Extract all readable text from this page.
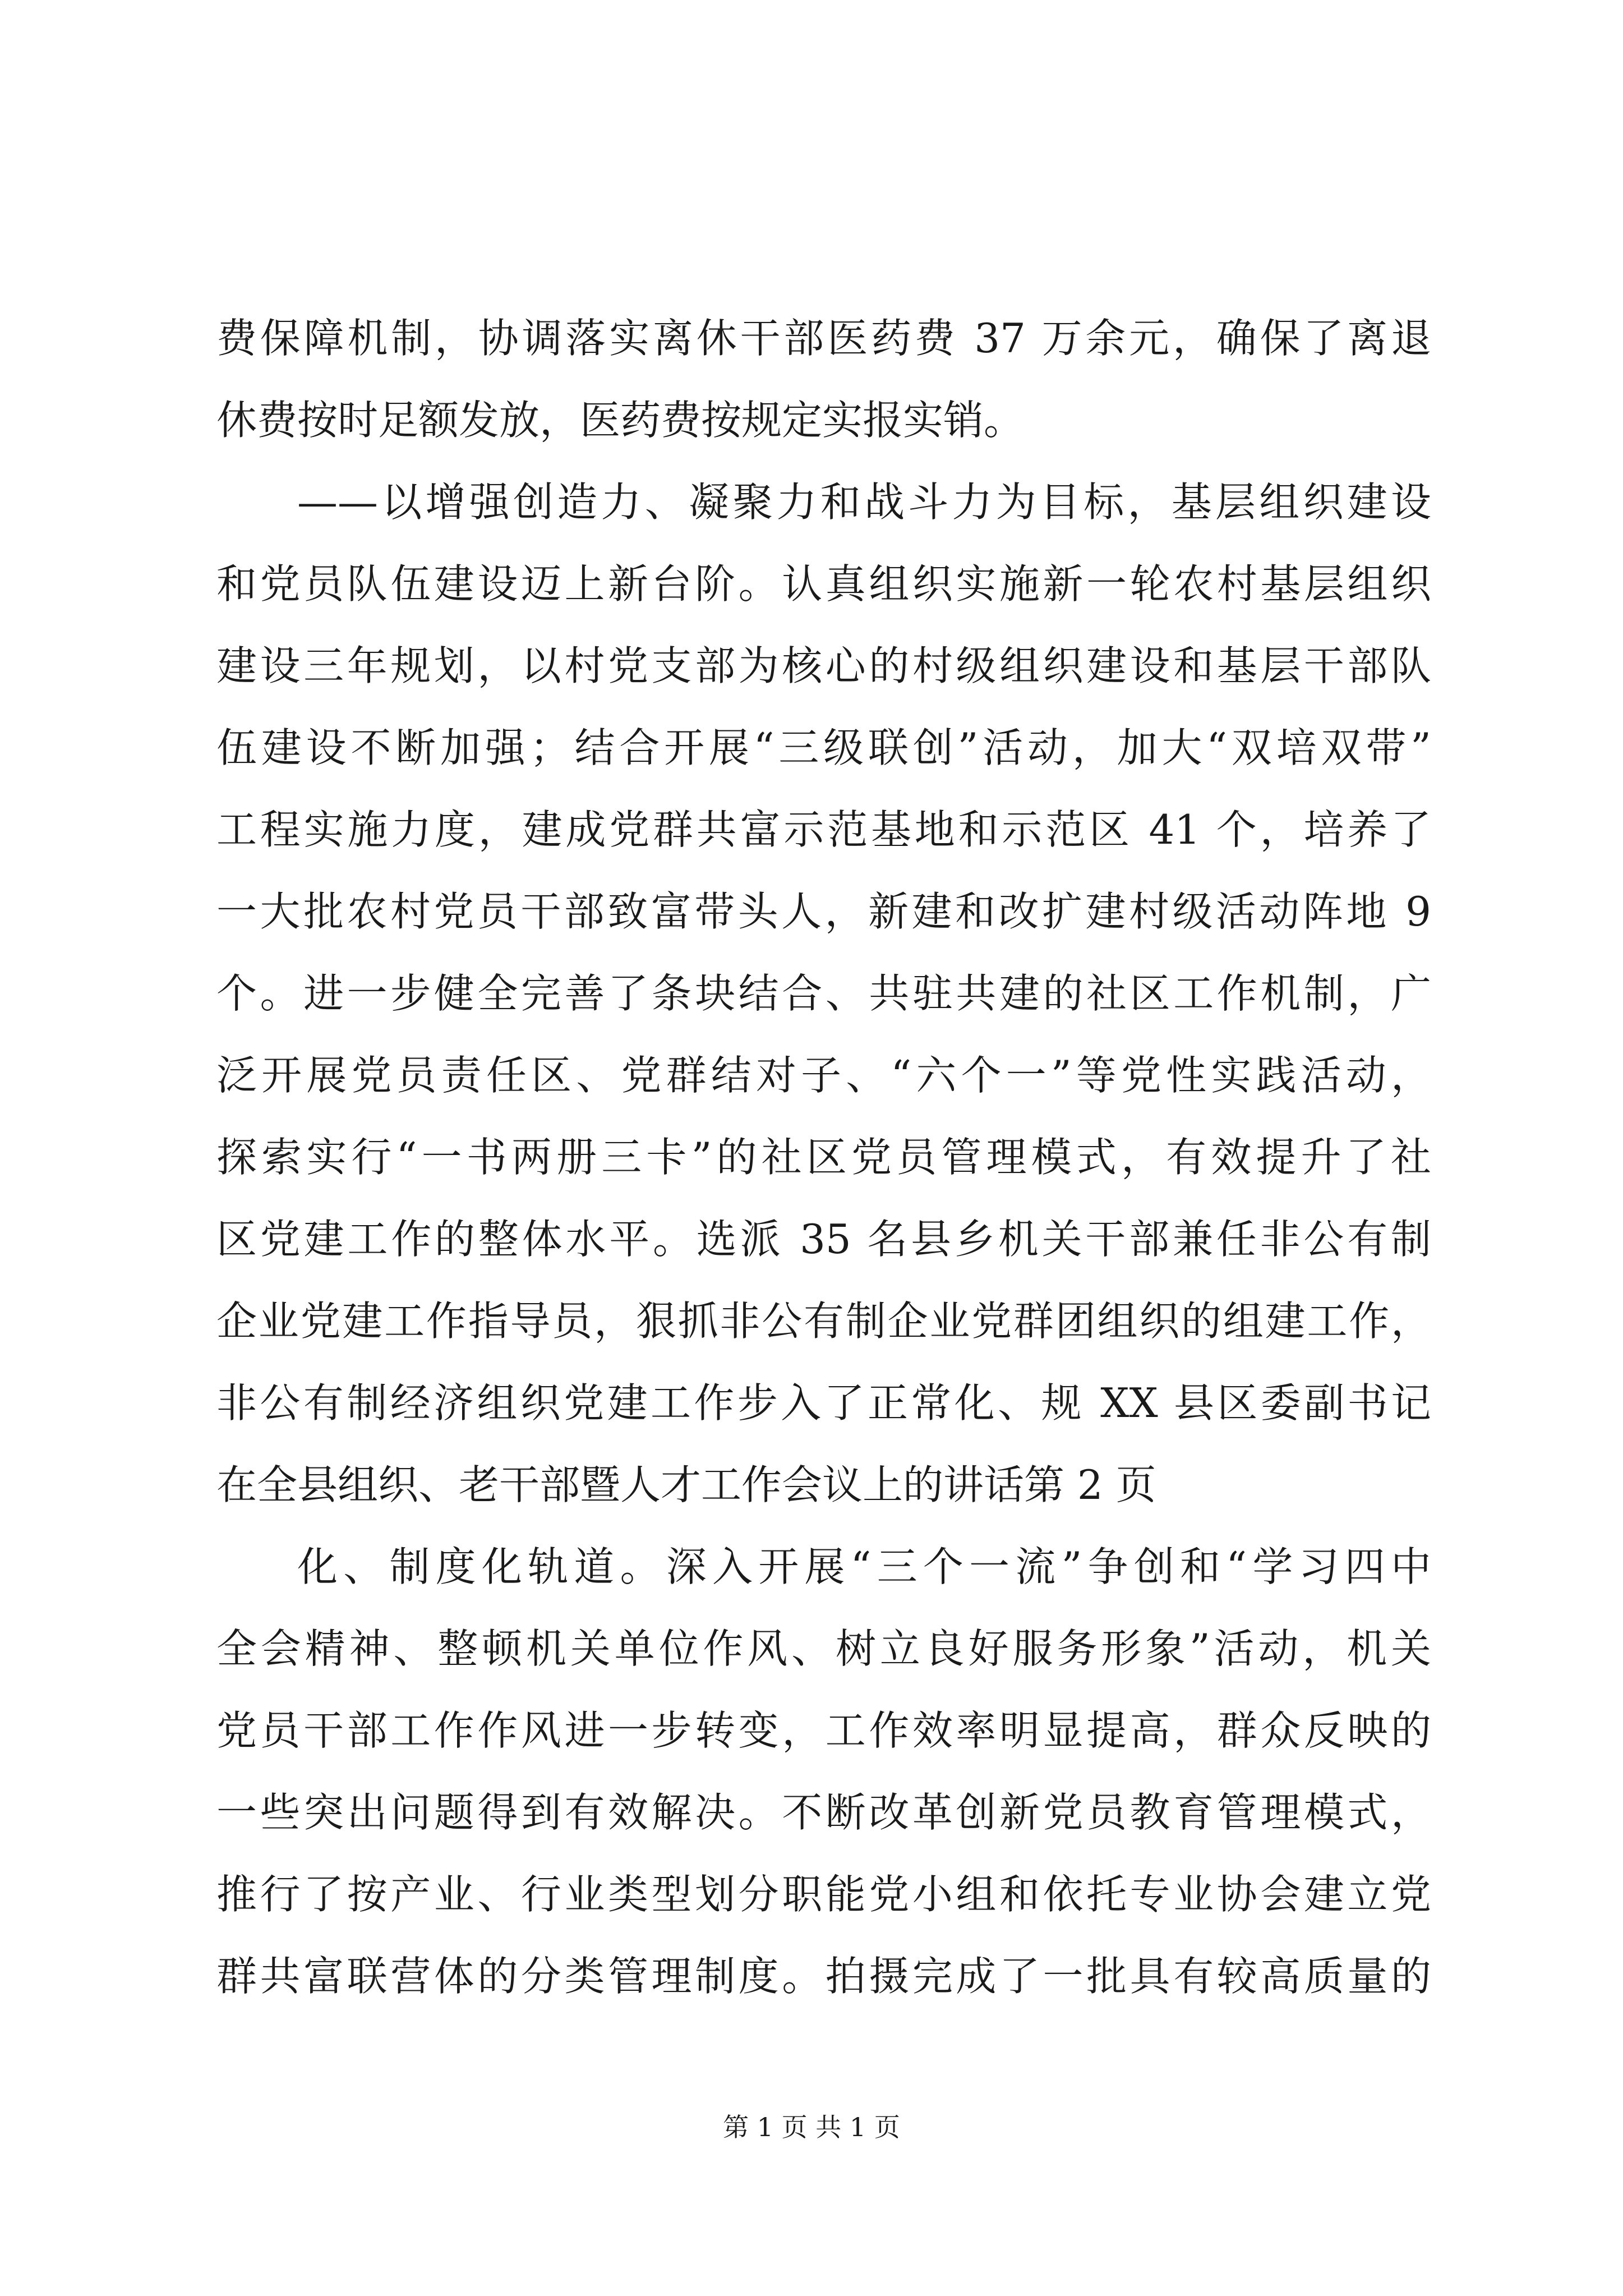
费保障机制，协调落实离休干部医药费 37 万余元，确保了离退
休费按时足额发放，医药费按规定实报实销。
——以增强创造力、凝聚力和战斗力为目标，基层组织建设
和党员队伍建设迈上新台阶。认真组织实施新一轮农村基层组织
建设三年规划，以村党支部为核心的村级组织建设和基层干部队
伍建设不断加强；结合开展“三级联创”活动，加大“双培双带”
工程实施力度，建成党群共富示范基地和示范区 41 个，培养了
一大批农村党员干部致富带头人，新建和改扩建村级活动阵地 9
个。进一步健全完善了条块结合、共驻共建的社区工作机制，广
泛开展党员责任区、党群结对子、“六个一”等党性实践活动，
探索实行“一书两册三卡”的社区党员管理模式，有效提升了社
区党建工作的整体水平。选派 35 名县乡机关干部兼任非公有制
企业党建工作指导员，狠抓非公有制企业党群团组织的组建工作，
非公有制经济组织党建工作步入了正常化、规 XX 县区委副书记
在全县组织、老干部暨人才工作会议上的讲话第 2 页
化、制度化轨道。深入开展“三个一流”争创和“学习四中
全会精神、整顿机关单位作风、树立良好服务形象”活动，机关
党员干部工作作风进一步转变，工作效率明显提高，群众反映的
一些突出问题得到有效解决。不断改革创新党员教育管理模式，
推行了按产业、行业类型划分职能党小组和依托专业协会建立党
群共富联营体的分类管理制度。拍摄完成了一批具有较高质量的
第 1 页 共 1 页
